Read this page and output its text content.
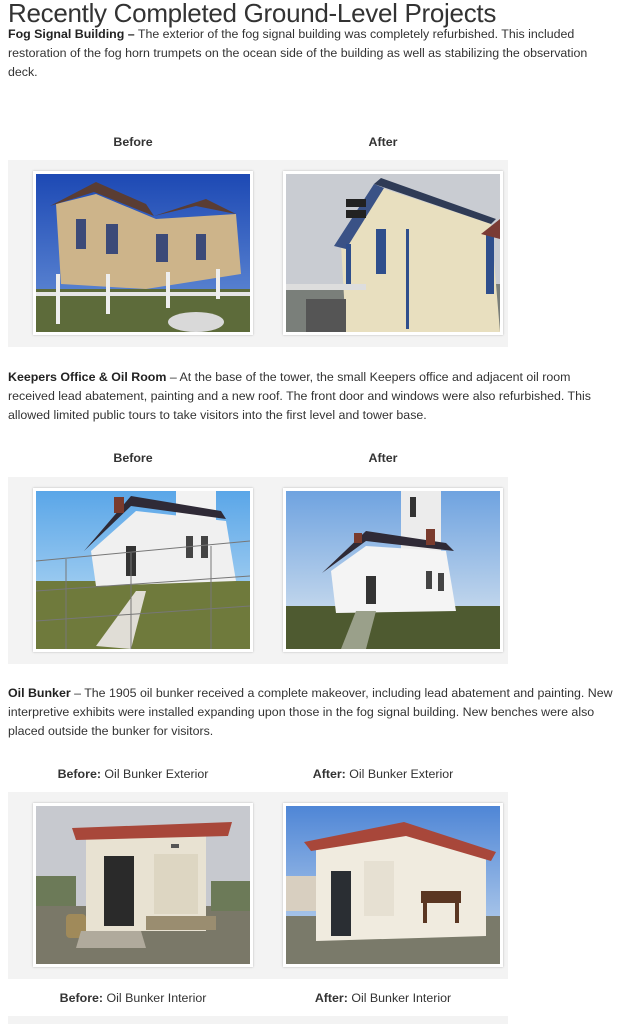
Recently Completed Ground-Level Projects

Fog Signal Building – The exterior of the fog signal building was completely refurbished. This included restoration of the fog horn trumpets on the ocean side of the building as well as stabilizing the observation deck.

Before	After

Keepers Office & Oil Room – At the base of the tower, the small Keepers office and adjacent oil room received lead abatement, painting and a new roof. The front door and windows were also refurbished. This allowed limited public tours to take visitors into the first level and tower base.

Before	After

Oil Bunker – The 1905 oil bunker received a complete makeover, including lead abatement and painting. New interpretive exhibits were installed expanding upon those in the fog signal building. New benches were also placed outside the bunker for visitors.

Before: Oil Bunker Exterior	After: Oil Bunker Exterior
Before: Oil Bunker Interior	After: Oil Bunker Interior
